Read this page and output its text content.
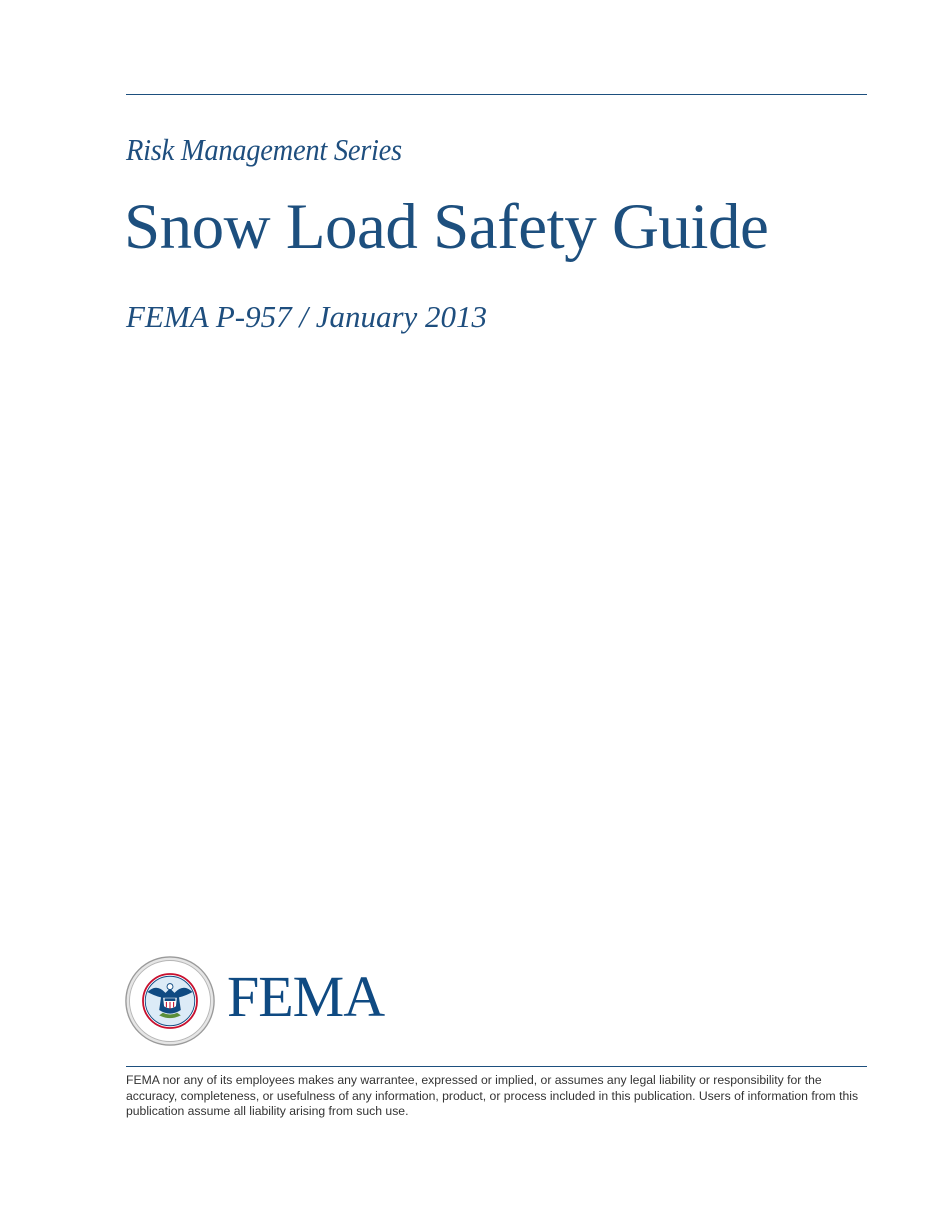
Risk Management Series
Snow Load Safety Guide
FEMA P-957 / January 2013
FEMA
FEMA nor any of its employees makes any warrantee, expressed or implied, or assumes any legal liability or responsibility for the accuracy, completeness, or usefulness of any information, product, or process included in this publication. Users of information from this publication assume all liability arising from such use.
